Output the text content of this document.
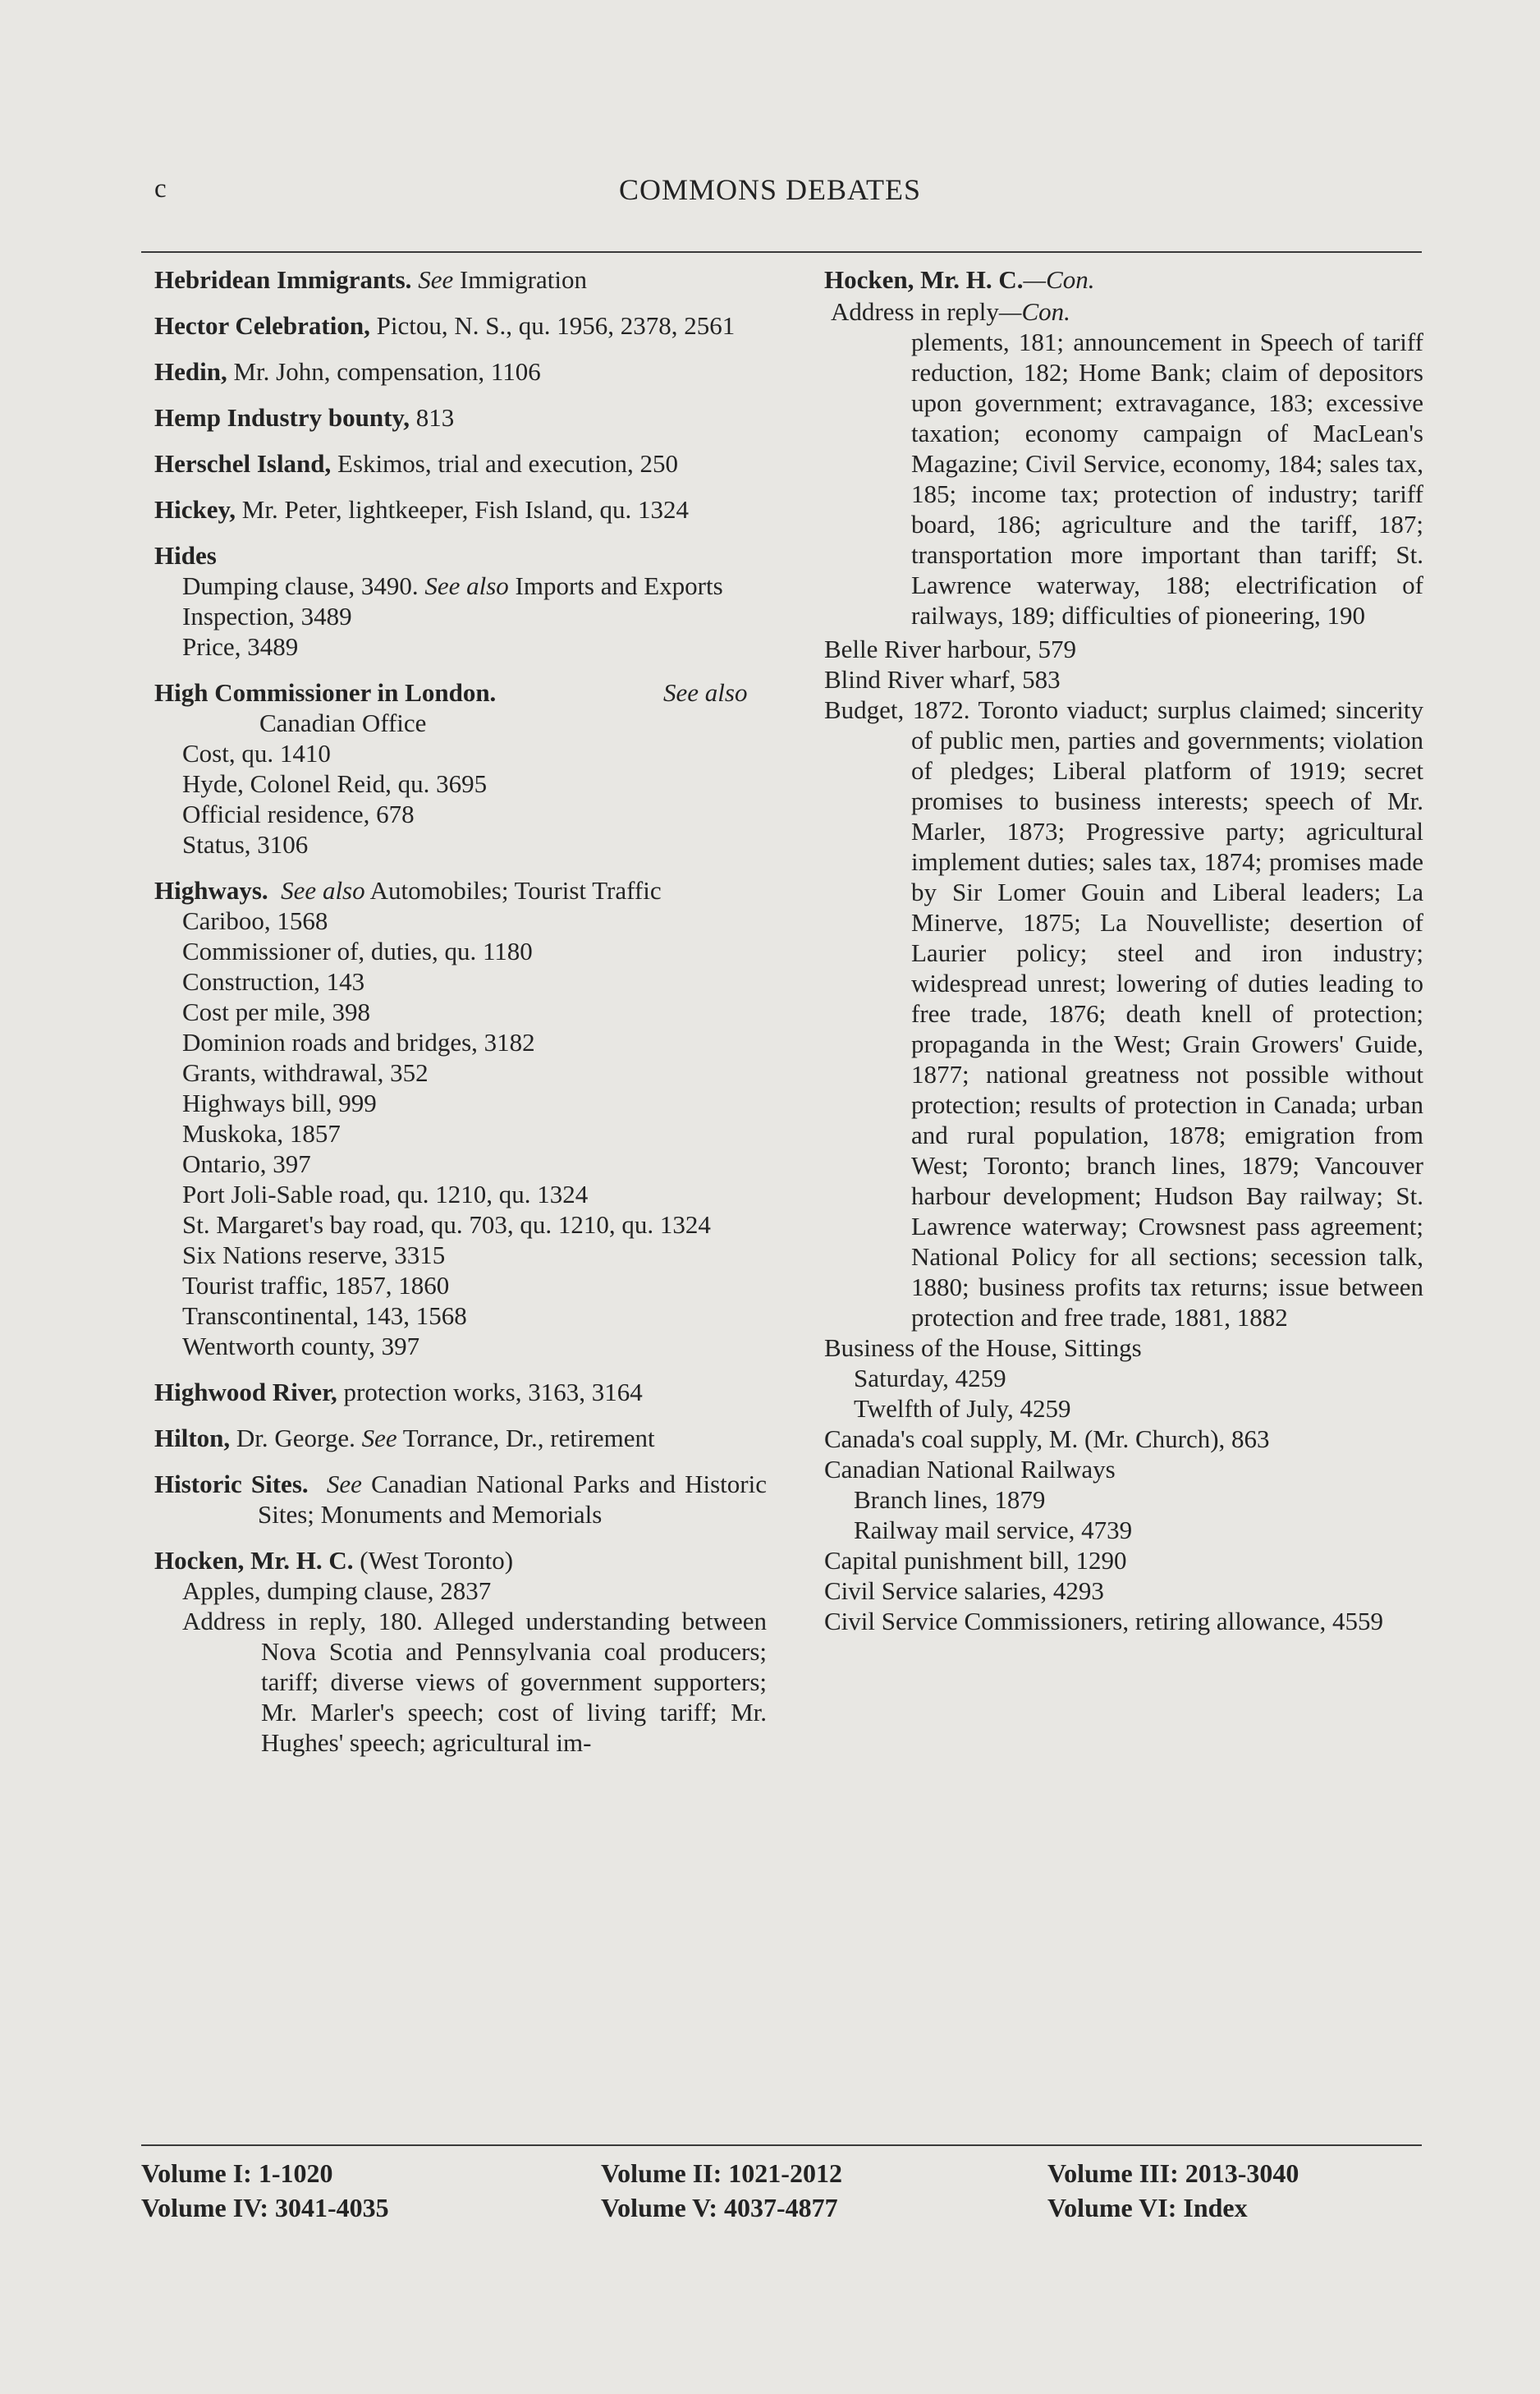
c	COMMONS DEBATES
Hebridean Immigrants. See Immigration
Hector Celebration, Pictou, N. S., qu. 1956, 2378, 2561
Hedin, Mr. John, compensation, 1106
Hemp Industry bounty, 813
Herschel Island, Eskimos, trial and execution, 250
Hickey, Mr. Peter, lightkeeper, Fish Island, qu. 1324
Hides
Dumping clause, 3490. See also Imports and Exports
Inspection, 3489
Price, 3489
High Commissioner in London.	See also
Canadian Office
Cost, qu. 1410
Hyde, Colonel Reid, qu. 3695
Official residence, 678
Status, 3106
Highways. See also Automobiles; Tourist Traffic
Cariboo, 1568
Commissioner of, duties, qu. 1180
Construction, 143
Cost per mile, 398
Dominion roads and bridges, 3182
Grants, withdrawal, 352
Highways bill, 999
Muskoka, 1857
Ontario, 397
Port Joli-Sable road, qu. 1210, qu. 1324
St. Margaret's bay road, qu. 703, qu. 1210, qu. 1324
Six Nations reserve, 3315
Tourist traffic, 1857, 1860
Transcontinental, 143, 1568
Wentworth county, 397
Highwood River, protection works, 3163, 3164
Hilton, Dr. George. See Torrance, Dr., retirement
Historic Sites. See Canadian National Parks and Historic Sites; Monuments and Memorials
Hocken, Mr. H. C. (West Toronto)
Apples, dumping clause, 2837
Address in reply, 180. Alleged understanding between Nova Scotia and Pennsylvania coal producers; tariff; diverse views of government supporters; Mr. Marler's speech; cost of living tariff; Mr. Hughes' speech; agricultural im-
Hocken, Mr. H. C.—Con.
Address in reply—Con.
plements, 181; announcement in Speech of tariff reduction, 182; Home Bank; claim of depositors upon government; extravagance, 183; excessive taxation; economy campaign of MacLean's Magazine; Civil Service, economy, 184; sales tax, 185; income tax; protection of industry; tariff board, 186; agriculture and the tariff, 187; transportation more important than tariff; St. Lawrence waterway, 188; electrification of railways, 189; difficulties of pioneering, 190
Belle River harbour, 579
Blind River wharf, 583
Budget, 1872. Toronto viaduct; surplus claimed; sincerity of public men, parties and governments; violation of pledges; Liberal platform of 1919; secret promises to business interests; speech of Mr. Marler, 1873; Progressive party; agricultural implement duties; sales tax, 1874; promises made by Sir Lomer Gouin and Liberal leaders; La Minerve, 1875; La Nouvelliste; desertion of Laurier policy; steel and iron industry; widespread unrest; lowering of duties leading to free trade, 1876; death knell of protection; propaganda in the West; Grain Growers' Guide, 1877; national greatness not possible without protection; results of protection in Canada; urban and rural population, 1878; emigration from West; Toronto; branch lines, 1879; Vancouver harbour development; Hudson Bay railway; St. Lawrence waterway; Crowsnest pass agreement; National Policy for all sections; secession talk, 1880; business profits tax returns; issue between protection and free trade, 1881, 1882
Business of the House, Sittings
Saturday, 4259
Twelfth of July, 4259
Canada's coal supply, M. (Mr. Church), 863
Canadian National Railways
Branch lines, 1879
Railway mail service, 4739
Capital punishment bill, 1290
Civil Service salaries, 4293
Civil Service Commissioners, retiring allowance, 4559
Volume I: 1-1020
Volume IV: 3041-4035
Volume II: 1021-2012
Volume V: 4037-4877
Volume III: 2013-3040
Volume VI: Index
